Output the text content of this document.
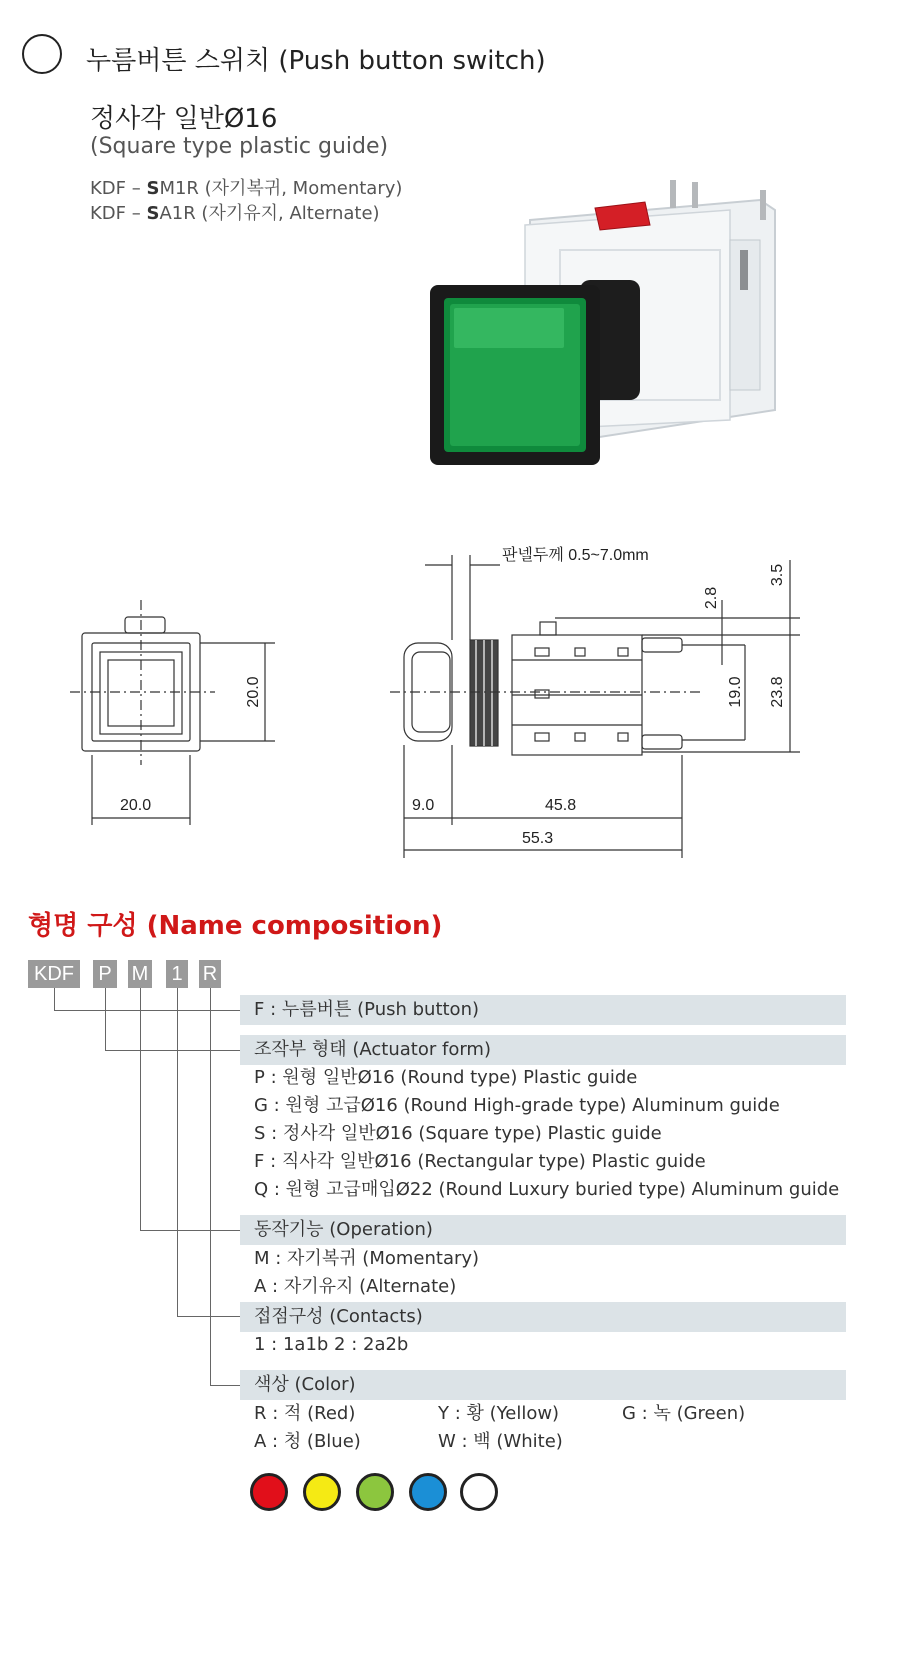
누름버튼 스위치 (Push button switch)
정사각 일반Ø16
(Square type plastic guide)
KDF – SM1R (자기복귀, Momentary)
KDF – SA1R (자기유지, Alternate)
20.0
20.0
판넬두께 0.5~7.0mm
2.8
3.5
19.0 23.8
9.0	45.8
55.3
형명 구성 (Name composition)
KDF	P M 1 R
F : 누름버튼 (Push button)
조작부 형태 (Actuator form)
P : 원형 일반Ø16 (Round type) Plastic guide
G : 원형 고급Ø16 (Round High-grade type) Aluminum guide
S : 정사각 일반Ø16 (Square type) Plastic guide
F : 직사각 일반Ø16 (Rectangular type) Plastic guide
Q : 원형 고급매입Ø22 (Round Luxury buried type) Aluminum guide
동작기능 (Operation)
M : 자기복귀 (Momentary)
A : 자기유지 (Alternate)
접점구성 (Contacts)
1 : 1a1b 2 : 2a2b
색상 (Color)
R : 적 (Red)	Y : 황 (Yellow)	G : 녹 (Green)
A : 청 (Blue)	W : 백 (White)
